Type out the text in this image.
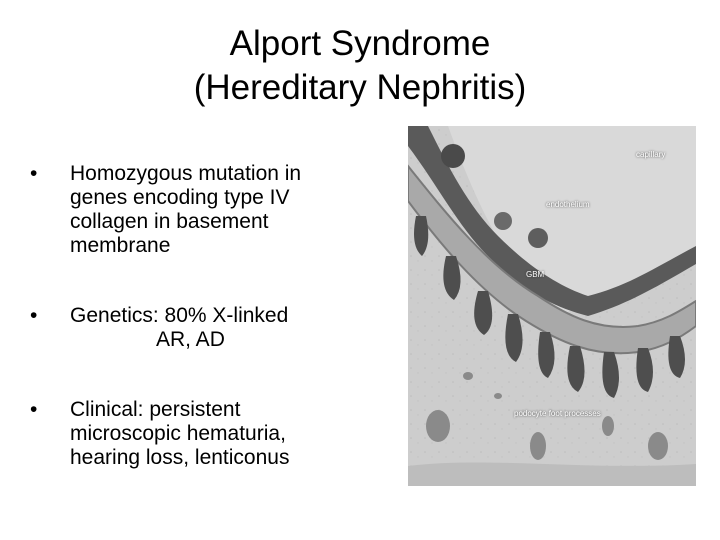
Alport Syndrome
(Hereditary Nephritis)
• Homozygous mutation in
genes encoding type IV
collagen in basement
membrane
• Genetics: 80% X-linked
AR, AD
• Clinical: persistent
microscopic hematuria,
hearing loss, lenticonus
capillary
endothelium
GBM
podocyte foot processes
